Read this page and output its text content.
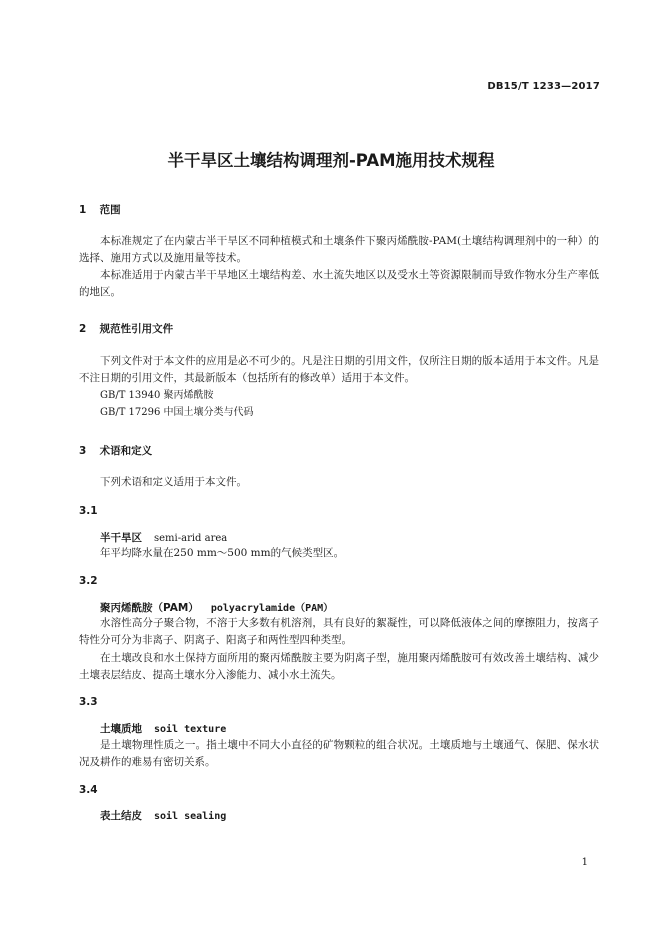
DB15/T 1233—2017
半干旱区土壤结构调理剂-PAM施用技术规程
1 范围
本标准规定了在内蒙古半干旱区不同种植模式和土壤条件下聚丙烯酰胺-PAM(土壤结构调理剂中的一种）的选择、施用方式以及施用量等技术。
本标准适用于内蒙古半干旱地区土壤结构差、水土流失地区以及受水土等资源限制而导致作物水分生产率低的地区。
2 规范性引用文件
下列文件对于本文件的应用是必不可少的。凡是注日期的引用文件，仅所注日期的版本适用于本文件。凡是不注日期的引用文件，其最新版本（包括所有的修改单）适用于本文件。
GB/T 13940 聚丙烯酰胺
GB/T 17296 中国土壤分类与代码
3 术语和定义
下列术语和定义适用于本文件。
3.1
半干旱区 semi-arid area
年平均降水量在250 mm～500 mm的气候类型区。
3.2
聚丙烯酰胺（PAM） polyacrylamide（PAM）
水溶性高分子聚合物，不溶于大多数有机溶剂，具有良好的絮凝性，可以降低液体之间的摩擦阻力，按离子特性分可分为非离子、阴离子、阳离子和两性型四种类型。
在土壤改良和水土保持方面所用的聚丙烯酰胺主要为阴离子型，施用聚丙烯酰胺可有效改善土壤结构、减少土壤表层结皮、提高土壤水分入渗能力、减小水土流失。
3.3
土壤质地 soil texture
是土壤物理性质之一。指土壤中不同大小直径的矿物颗粒的组合状况。土壤质地与土壤通气、保肥、保水状况及耕作的难易有密切关系。
3.4
表土结皮 soil sealing
1
